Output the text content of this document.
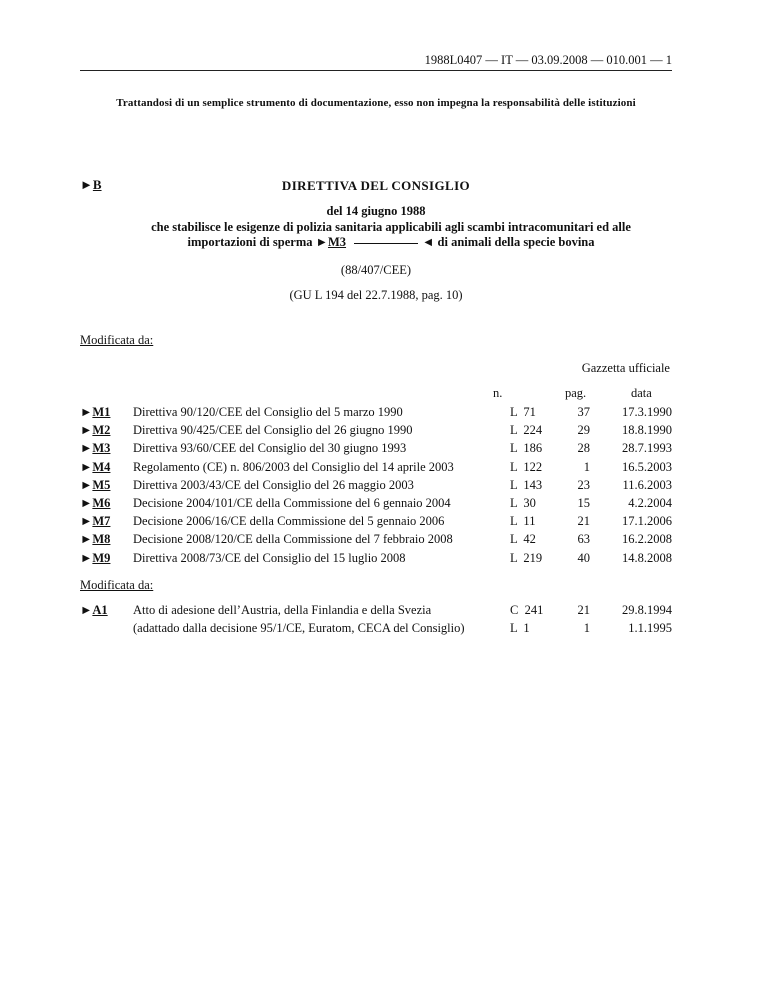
1988L0407 — IT — 03.09.2008 — 010.001 — 1
Trattandosi di un semplice strumento di documentazione, esso non impegna la responsabilità delle istituzioni
►B	DIRETTIVA DEL CONSIGLIO
del 14 giugno 1988
che stabilisce le esigenze di polizia sanitaria applicabili agli scambi intracomunitari ed alle
importazioni di sperma ►M3	◄ di animali della specie bovina
(88/407/CEE)
(GU L 194 del 22.7.1988, pag. 10)
Modificata da:
Gazzetta ufficiale
n.	pag.	data
►M1 Direttiva 90/120/CEE del Consiglio del 5 marzo 1990	L  71	37	17.3.1990
►M2 Direttiva 90/425/CEE del Consiglio del 26 giugno 1990	L  224	29	18.8.1990
►M3 Direttiva 93/60/CEE del Consiglio del 30 giugno 1993	L  186	28	28.7.1993
►M4 Regolamento (CE) n. 806/2003 del Consiglio del 14 aprile 2003	L  122	1	16.5.2003
►M5 Direttiva 2003/43/CE del Consiglio del 26 maggio 2003	L  143	23	11.6.2003
►M6 Decisione 2004/101/CE della Commissione del 6 gennaio 2004	L  30	15	4.2.2004
►M7 Decisione 2006/16/CE della Commissione del 5 gennaio 2006	L  11	21	17.1.2006
►M8 Decisione 2008/120/CE della Commissione del 7 febbraio 2008	L  42	63	16.2.2008
►M9 Direttiva 2008/73/CE del Consiglio del 15 luglio 2008	L  219	40	14.8.2008
Modificata da:
►A1 Atto di adesione dell’Austria, della Finlandia e della Svezia	C  241	21	29.8.1994
(adattado dalla decisione 95/1/CE, Euratom, CECA del Consiglio)	L  1	1	1.1.1995
